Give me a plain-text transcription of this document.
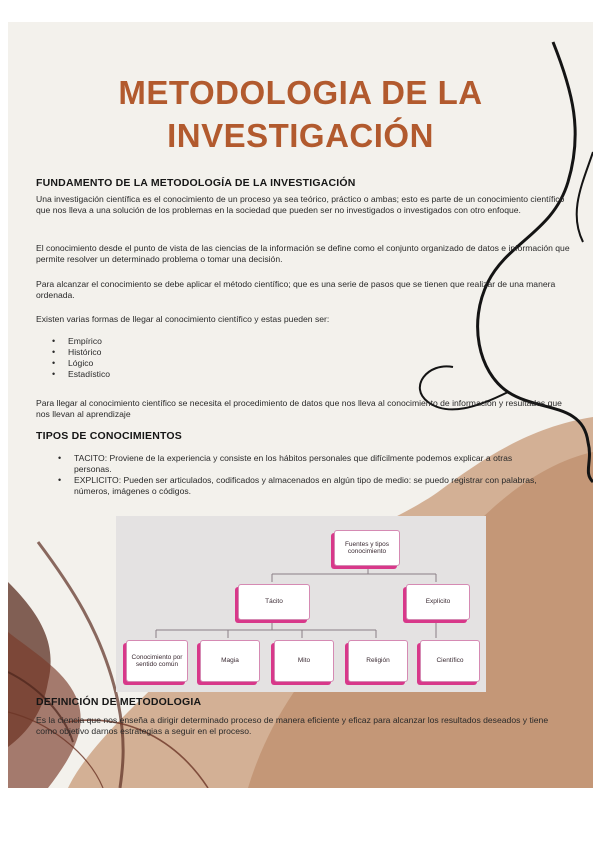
METODOLOGIA DE LA
INVESTIGACIÓN
FUNDAMENTO DE LA METODOLOGÍA DE LA INVESTIGACIÓN

Una investigación científica es el conocimiento de un proceso ya sea teórico, práctico o ambas; esto es parte de un conocimiento científico que nos lleva a una solución de los problemas en la sociedad que pueden ser no investigados o investigados con otro enfoque.

El conocimiento desde el punto de vista de las ciencias de la información se define como el conjunto organizado de datos e información que permite resolver un determinado problema o tomar una decisión.

Para alcanzar el conocimiento se debe aplicar el método científico; que es una serie de pasos que se tienen que realizar de una manera ordenada.

Existen varias formas de llegar al conocimiento científico y estas pueden ser:

• Empírico
• Histórico
• Lógico
• Estadístico

Para llegar al conocimiento científico se necesita el procedimiento de datos que nos lleva al conocimiento de información y resultados que nos llevan al aprendizaje

TIPOS DE CONOCIMIENTOS
• TACITO: Proviene de la experiencia y consiste en los hábitos personales que difícilmente podemos explicar a otras personas.
• EXPLICITO: Pueden ser articulados, codificados y almacenados en algún tipo de medio: se puedo registrar con palabras, números, imágenes o códigos.
Fuentes y tipos conocimiento
Tácito	Explícito
Conocimiento por sentido común
Magia	Mito	Religión	Científico
DEFINICIÓN DE METODOLOGIA

Es la ciencia que nos enseña a dirigir determinado proceso de manera eficiente y eficaz para alcanzar los resultados deseados y tiene como objetivo darnos estrategias a seguir en el proceso.
